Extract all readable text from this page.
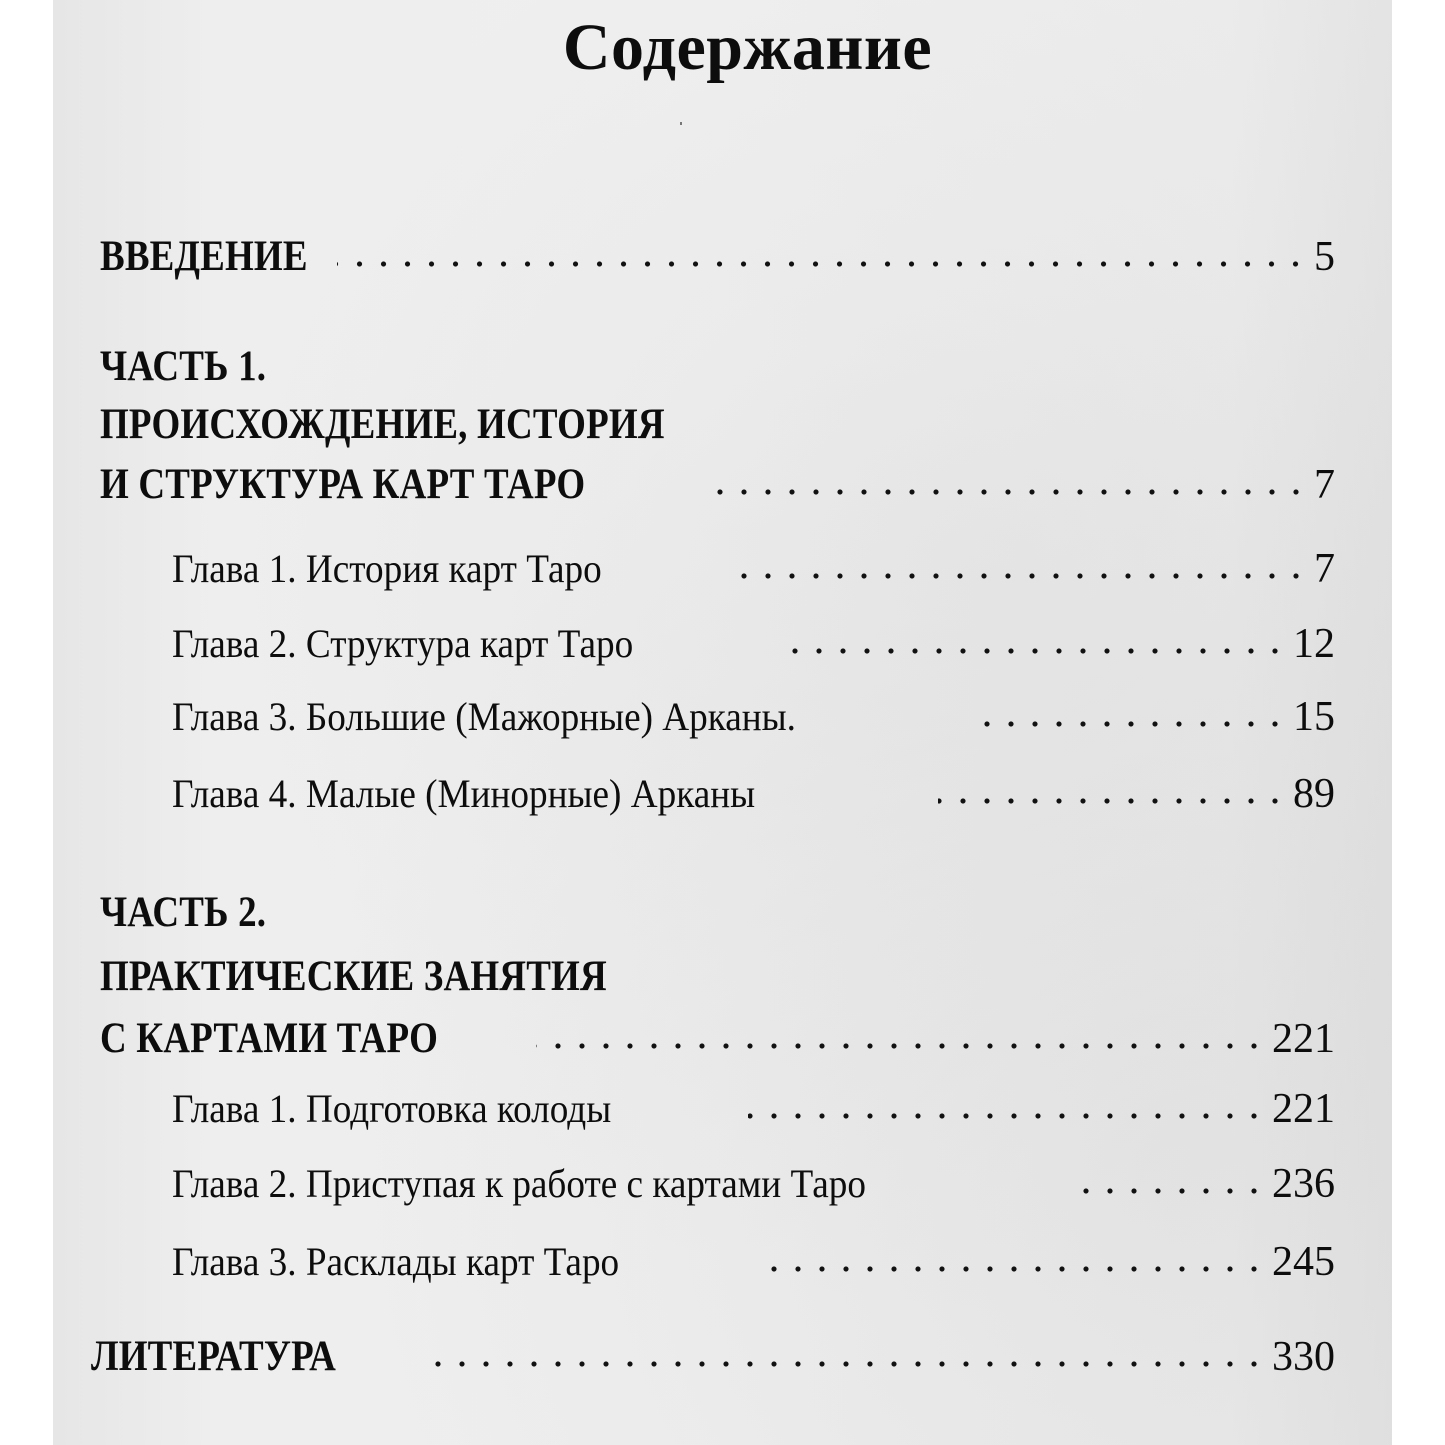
Содержание
ВВЕДЕНИЕ	5
ЧАСТЬ 1.
ПРОИСХОЖДЕНИЕ, ИСТОРИЯ
И СТРУКТУРА КАРТ ТАРО	7
Глава 1. История карт Таро	7
Глава 2. Структура карт Таро	12
Глава 3. Большие (Мажорные) Арканы.	15
Глава 4. Малые (Минорные) Арканы	89
ЧАСТЬ 2.
ПРАКТИЧЕСКИЕ ЗАНЯТИЯ
С КАРТАМИ ТАРО	221
Глава 1. Подготовка колоды	221
Глава 2. Приступая к работе с картами Таро	236
Глава 3. Расклады карт Таро	245
ЛИТЕРАТУРА	330
